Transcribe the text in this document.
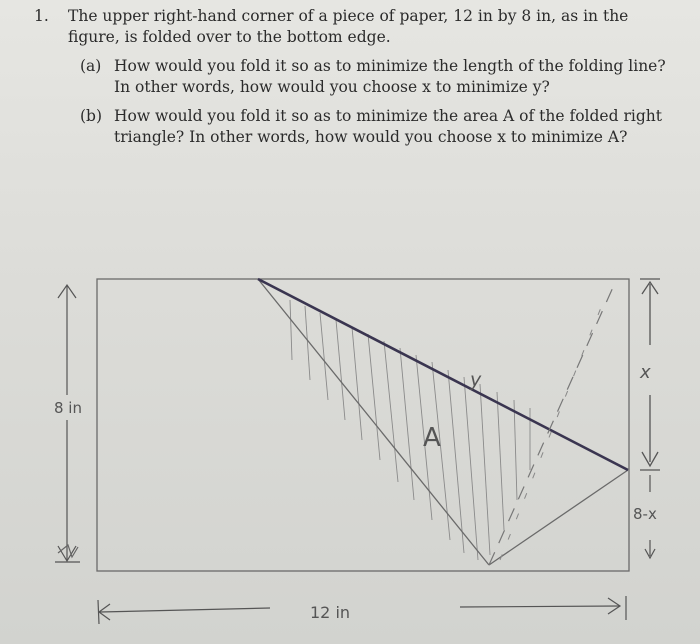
1. The upper right-hand corner of a piece of paper, 12 in by 8 in, as in the figure, is folded over to the bottom edge.
(a) How would you fold it so as to minimize the length of the folding line? In other words, how would you choose x to minimize y?
(b) How would you fold it so as to minimize the area A of the folded right triangle? In other words, how would you choose x to minimize A?
8 in
12 in
x
8-x
y
A
